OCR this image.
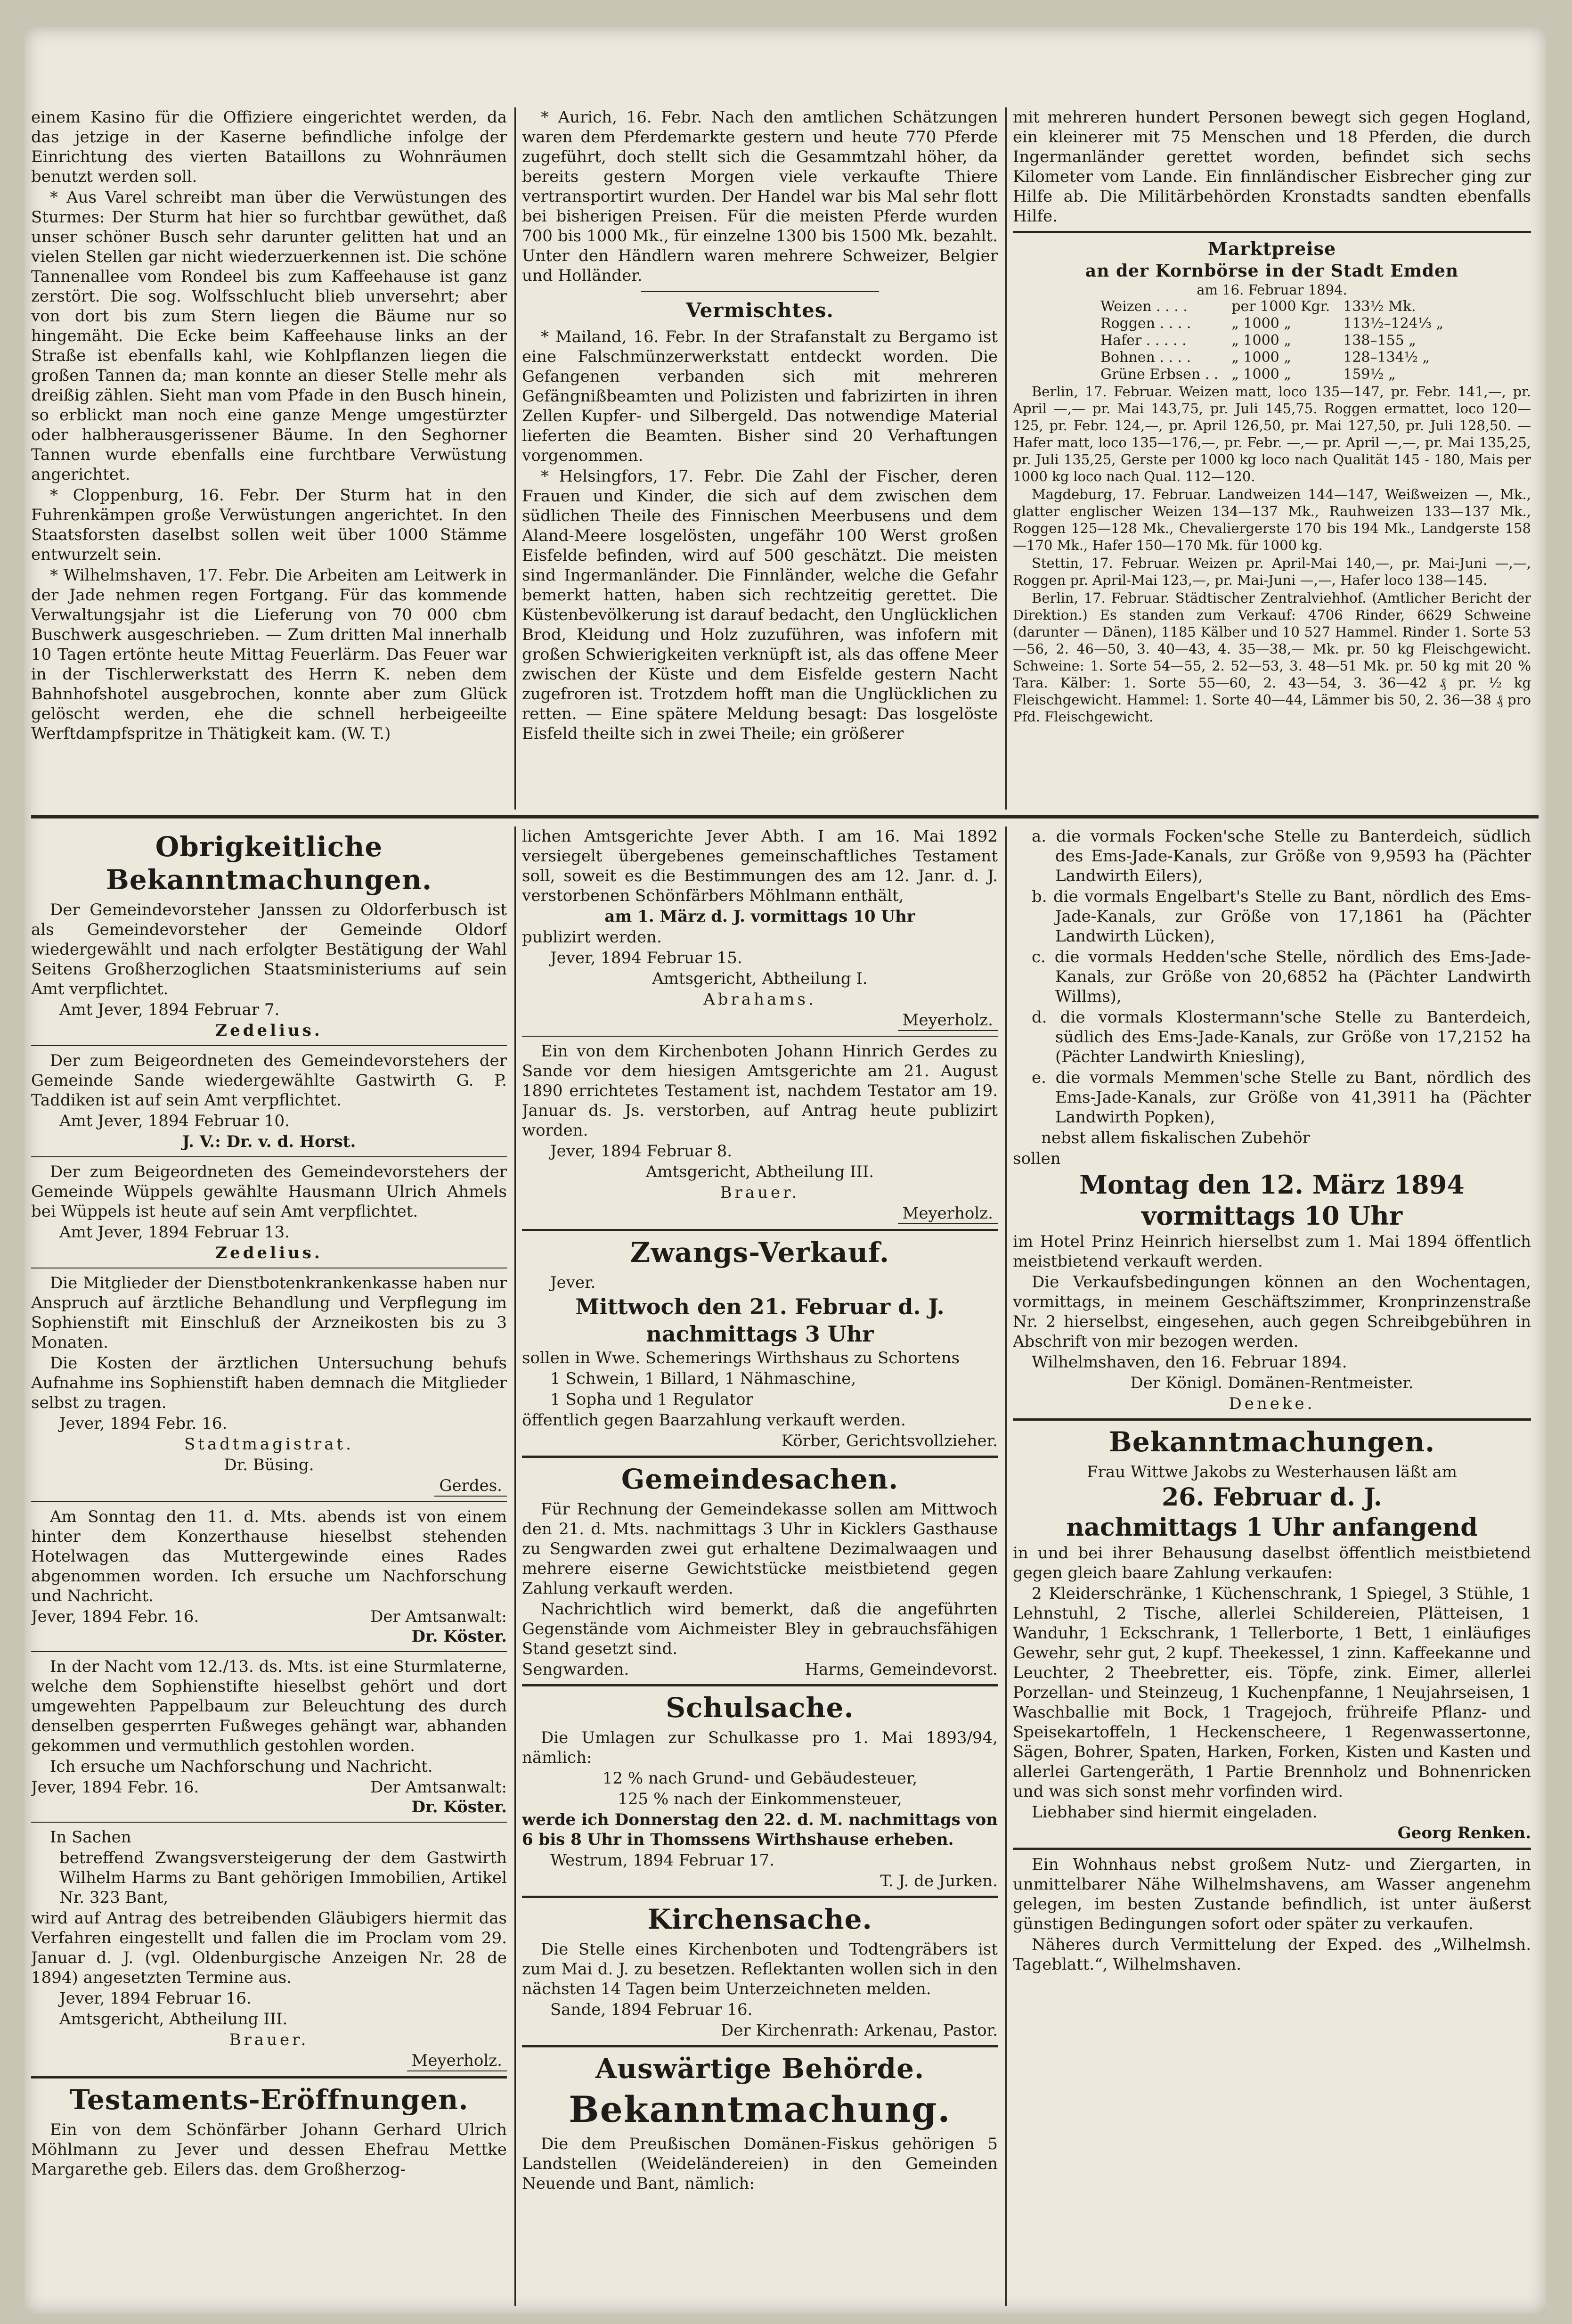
einem Kasino für die Offiziere eingerichtet werden, da das jetzige in der Kaserne befindliche infolge der Einrichtung des vierten Bataillons zu Wohnräumen benutzt werden soll.

* Aus Varel schreibt man über die Verwüstungen des Sturmes: Der Sturm hat hier so furchtbar gewüthet, daß unser schöner Busch sehr darunter gelitten hat und an vielen Stellen gar nicht wiederzuerkennen ist. Die schöne Tannenallee vom Rondeel bis zum Kaffeehause ist ganz zerstört. Die sog. Wolfsschlucht blieb unversehrt; aber von dort bis zum Stern liegen die Bäume nur so hingemäht. Die Ecke beim Kaffeehause links an der Straße ist ebenfalls kahl, wie Kohlpflanzen liegen die großen Tannen da; man konnte an dieser Stelle mehr als dreißig zählen. Sieht man vom Pfade in den Busch hinein, so erblickt man noch eine ganze Menge umgestürzter oder halbherausgerissener Bäume. In den Seghorner Tannen wurde ebenfalls eine furchtbare Verwüstung angerichtet.

* Cloppenburg, 16. Febr. Der Sturm hat in den Fuhrenkämpen große Verwüstungen angerichtet. In den Staatsforsten daselbst sollen weit über 1000 Stämme entwurzelt sein.

* Wilhelmshaven, 17. Febr. Die Arbeiten am Leitwerk in der Jade nehmen regen Fortgang. Für das kommende Verwaltungsjahr ist die Lieferung von 70 000 cbm Buschwerk ausgeschrieben. — Zum dritten Mal innerhalb 10 Tagen ertönte heute Mittag Feuerlärm. Das Feuer war in der Tischlerwerkstatt des Herrn K. neben dem Bahnhofshotel ausgebrochen, konnte aber zum Glück gelöscht werden, ehe die schnell herbeigeeilte Werftdampfspritze in Thätigkeit kam. (W. T.)

* Aurich, 16. Febr. Nach den amtlichen Schätzungen waren dem Pferdemarkte gestern und heute 770 Pferde zugeführt, doch stellt sich die Gesammtzahl höher, da bereits gestern Morgen viele verkaufte Thiere vertransportirt wurden. Der Handel war bis Mal sehr flott bei bisherigen Preisen. Für die meisten Pferde wurden 700 bis 1000 Mk., für einzelne 1300 bis 1500 Mk. bezahlt. Unter den Händlern waren mehrere Schweizer, Belgier und Holländer.

Vermischtes.

* Mailand, 16. Febr. In der Strafanstalt zu Bergamo ist eine Falschmünzerwerkstatt entdeckt worden. Die Gefangenen verbanden sich mit mehreren Gefängnißbeamten und Polizisten und fabrizirten in ihren Zellen Kupfer- und Silbergeld. Das notwendige Material lieferten die Beamten. Bisher sind 20 Verhaftungen vorgenommen.

* Helsingfors, 17. Febr. Die Zahl der Fischer, deren Frauen und Kinder, die sich auf dem zwischen dem südlichen Theile des Finnischen Meerbusens und dem Aland-Meere losgelösten, ungefähr 100 Werst großen Eisfelde befinden, wird auf 500 geschätzt. Die meisten sind Ingermanländer. Die Finnländer, welche die Gefahr bemerkt hatten, haben sich rechtzeitig gerettet. Die Küstenbevölkerung ist darauf bedacht, den Unglücklichen Brod, Kleidung und Holz zuzuführen, was infofern mit großen Schwierigkeiten verknüpft ist, als das offene Meer zwischen der Küste und dem Eisfelde gestern Nacht zugefroren ist. Trotzdem hofft man die Unglücklichen zu retten. — Eine spätere Meldung besagt: Das losgelöste Eisfeld theilte sich in zwei Theile; ein größerer

mit mehreren hundert Personen bewegt sich gegen Hogland, ein kleinerer mit 75 Menschen und 18 Pferden, die durch Ingermanländer gerettet worden, befindet sich sechs Kilometer vom Lande. Ein finnländischer Eisbrecher ging zur Hilfe ab. Die Militärbehörden Kronstadts sandten ebenfalls Hilfe.

Marktpreise
an der Kornbörse in der Stadt Emden
am 16. Februar 1894.
Weizen . . . .	per 1000 Kgr.	133½ Mk.
Roggen . . . .	„ 1000 „	113½–124⅓ „
Hafer . . . . .	„ 1000 „	138–155 „
Bohnen . . . .	„ 1000 „	128–134½ „
Grüne Erbsen . .	„ 1000 „	159½ „

Berlin, 17. Februar. Weizen matt, loco 135—147, pr. Febr. 141,—, pr. April —,— pr. Mai 143,75, pr. Juli 145,75. Roggen ermattet, loco 120—125, pr. Febr. 124,—, pr. April 126,50, pr. Mai 127,50, pr. Juli 128,50. — Hafer matt, loco 135—176,—, pr. Febr. —,— pr. April —,—, pr. Mai 135,25, pr. Juli 135,25, Gerste per 1000 kg loco nach Qualität 145 - 180, Mais per 1000 kg loco nach Qual. 112—120.

Magdeburg, 17. Februar. Landweizen 144—147, Weißweizen —, Mk., glatter englischer Weizen 134—137 Mk., Rauhweizen 133—137 Mk., Roggen 125—128 Mk., Chevaliergerste 170 bis 194 Mk., Landgerste 158—170 Mk., Hafer 150—170 Mk. für 1000 kg.

Stettin, 17. Februar. Weizen pr. April-Mai 140,—, pr. Mai-Juni —,—, Roggen pr. April-Mai 123,—, pr. Mai-Juni —,—, Hafer loco 138—145.

Berlin, 17. Februar. Städtischer Zentralviehhof. (Amtlicher Bericht der Direktion.) Es standen zum Verkauf: 4706 Rinder, 6629 Schweine (darunter — Dänen), 1185 Kälber und 10 527 Hammel. Rinder 1. Sorte 53—56, 2. 46—50, 3. 40—43, 4. 35—38,— Mk. pr. 50 kg Fleischgewicht. Schweine: 1. Sorte 54—55, 2. 52—53, 3. 48—51 Mk. pr. 50 kg mit 20 % Tara. Kälber: 1. Sorte 55—60, 2. 43—54, 3. 36—42 ₰ pr. ½ kg Fleischgewicht. Hammel: 1. Sorte 40—44, Lämmer bis 50, 2. 36—38 ₰ pro Pfd. Fleischgewicht.

Obrigkeitliche Bekanntmachungen.

Der Gemeindevorsteher Janssen zu Oldorferbusch ist als Gemeindevorsteher der Gemeinde Oldorf wiedergewählt und nach erfolgter Bestätigung der Wahl Seitens Großherzoglichen Staatsministeriums auf sein Amt verpflichtet.

Amt Jever, 1894 Februar 7.

Zedelius.

Der zum Beigeordneten des Gemeindevorstehers der Gemeinde Sande wiedergewählte Gastwirth G. P. Taddiken ist auf sein Amt verpflichtet.

Amt Jever, 1894 Februar 10.

J. V.: Dr. v. d. Horst.

Der zum Beigeordneten des Gemeindevorstehers der Gemeinde Wüppels gewählte Hausmann Ulrich Ahmels bei Wüppels ist heute auf sein Amt verpflichtet.

Amt Jever, 1894 Februar 13.

Zedelius.

Die Mitglieder der Dienstbotenkrankenkasse haben nur Anspruch auf ärztliche Behandlung und Verpflegung im Sophienstift mit Einschluß der Arzneikosten bis zu 3 Monaten.

Die Kosten der ärztlichen Untersuchung behufs Aufnahme ins Sophienstift haben demnach die Mitglieder selbst zu tragen.

Jever, 1894 Febr. 16.

Stadtmagistrat.

Dr. Büsing.

Gerdes.

Am Sonntag den 11. d. Mts. abends ist von einem hinter dem Konzerthause hieselbst stehenden Hotelwagen das Muttergewinde eines Rades abgenommen worden. Ich ersuche um Nachforschung und Nachricht.

Jever, 1894 Febr. 16.	Der Amtsanwalt:

Dr. Köster.

In der Nacht vom 12./13. ds. Mts. ist eine Sturmlaterne, welche dem Sophienstifte hieselbst gehört und dort umgewehten Pappelbaum zur Beleuchtung des durch denselben gesperrten Fußweges gehängt war, abhanden gekommen und vermuthlich gestohlen worden.

Ich ersuche um Nachforschung und Nachricht.

Jever, 1894 Febr. 16.	Der Amtsanwalt:

Dr. Köster.

In Sachen

betreffend Zwangsversteigerung der dem Gastwirth Wilhelm Harms zu Bant gehörigen Immobilien, Artikel Nr. 323 Bant,

wird auf Antrag des betreibenden Gläubigers hiermit das Verfahren eingestellt und fallen die im Proclam vom 29. Januar d. J. (vgl. Oldenburgische Anzeigen Nr. 28 de 1894) angesetzten Termine aus.

Jever, 1894 Februar 16.

Amtsgericht, Abtheilung III.

Brauer.

Meyerholz.

Testaments-Eröffnungen.

Ein von dem Schönfärber Johann Gerhard Ulrich Möhlmann zu Jever und dessen Ehefrau Mettke Margarethe geb. Eilers das. dem Großherzog-

lichen Amtsgerichte Jever Abth. I am 16. Mai 1892 versiegelt übergebenes gemeinschaftliches Testament soll, soweit es die Bestimmungen des am 12. Janr. d. J. verstorbenen Schönfärbers Möhlmann enthält,

am 1. März d. J. vormittags 10 Uhr

publizirt werden.

Jever, 1894 Februar 15.

Amtsgericht, Abtheilung I.

Abrahams.

Meyerholz.

Ein von dem Kirchenboten Johann Hinrich Gerdes zu Sande vor dem hiesigen Amtsgerichte am 21. August 1890 errichtetes Testament ist, nachdem Testator am 19. Januar ds. Js. verstorben, auf Antrag heute publizirt worden.

Jever, 1894 Februar 8.

Amtsgericht, Abtheilung III.

Brauer.

Meyerholz.

Zwangs-Verkauf.

Jever.

Mittwoch den 21. Februar d. J.

nachmittags 3 Uhr

sollen in Wwe. Schemerings Wirthshaus zu Schortens

1 Schwein, 1 Billard, 1 Nähmaschine,

1 Sopha und 1 Regulator

öffentlich gegen Baarzahlung verkauft werden.

Körber, Gerichtsvollzieher.

Gemeindesachen.

Für Rechnung der Gemeindekasse sollen am Mittwoch den 21. d. Mts. nachmittags 3 Uhr in Kicklers Gasthause zu Sengwarden zwei gut erhaltene Dezimalwaagen und mehrere eiserne Gewichtstücke meistbietend gegen Zahlung verkauft werden.

Nachrichtlich wird bemerkt, daß die angeführten Gegenstände vom Aichmeister Bley in gebrauchsfähigen Stand gesetzt sind.

Sengwarden.	Harms, Gemeindevorst.
Schulsache.

Die Umlagen zur Schulkasse pro 1. Mai 1893/94, nämlich:

12 % nach Grund- und Gebäudesteuer,

125 % nach der Einkommensteuer,

werde ich Donnerstag den 22. d. M. nachmittags von 6 bis 8 Uhr in Thomssens Wirthshause erheben.

Westrum, 1894 Februar 17.

T. J. de Jurken.

Kirchensache.

Die Stelle eines Kirchenboten und Todtengräbers ist zum Mai d. J. zu besetzen. Reflektanten wollen sich in den nächsten 14 Tagen beim Unterzeichneten melden.

Sande, 1894 Februar 16.

Der Kirchenrath: Arkenau, Pastor.

Auswärtige Behörde.
Bekanntmachung.

Die dem Preußischen Domänen-Fiskus gehörigen 5 Landstellen (Weideländereien) in den Gemeinden Neuende und Bant, nämlich:

a. die vormals Focken'sche Stelle zu Banterdeich, südlich des Ems-Jade-Kanals, zur Größe von 9,9593 ha (Pächter Landwirth Eilers),

b. die vormals Engelbart's Stelle zu Bant, nördlich des Ems-Jade-Kanals, zur Größe von 17,1861 ha (Pächter Landwirth Lücken),

c. die vormals Hedden'sche Stelle, nördlich des Ems-Jade-Kanals, zur Größe von 20,6852 ha (Pächter Landwirth Willms),

d. die vormals Klostermann'sche Stelle zu Banterdeich, südlich des Ems-Jade-Kanals, zur Größe von 17,2152 ha (Pächter Landwirth Kniesling),

e. die vormals Memmen'sche Stelle zu Bant, nördlich des Ems-Jade-Kanals, zur Größe von 41,3911 ha (Pächter Landwirth Popken),

nebst allem fiskalischen Zubehör

sollen

Montag den 12. März 1894

vormittags 10 Uhr

im Hotel Prinz Heinrich hierselbst zum 1. Mai 1894 öffentlich meistbietend verkauft werden.

Die Verkaufsbedingungen können an den Wochentagen, vormittags, in meinem Geschäftszimmer, Kronprinzenstraße Nr. 2 hierselbst, eingesehen, auch gegen Schreibgebühren in Abschrift von mir bezogen werden.

Wilhelmshaven, den 16. Februar 1894.

Der Königl. Domänen-Rentmeister.

Deneke.

Bekanntmachungen.

Frau Wittwe Jakobs zu Westerhausen läßt am

26. Februar d. J.

nachmittags 1 Uhr anfangend

in und bei ihrer Behausung daselbst öffentlich meistbietend gegen gleich baare Zahlung verkaufen:

2 Kleiderschränke, 1 Küchenschrank, 1 Spiegel, 3 Stühle, 1 Lehnstuhl, 2 Tische, allerlei Schildereien, Plätteisen, 1 Wanduhr, 1 Eckschrank, 1 Tellerborte, 1 Bett, 1 einläufiges Gewehr, sehr gut, 2 kupf. Theekessel, 1 zinn. Kaffeekanne und Leuchter, 2 Theebretter, eis. Töpfe, zink. Eimer, allerlei Porzellan- und Steinzeug, 1 Kuchenpfanne, 1 Neujahrseisen, 1 Waschballie mit Bock, 1 Tragejoch, frühreife Pflanz- und Speisekartoffeln, 1 Heckenscheere, 1 Regenwassertonne, Sägen, Bohrer, Spaten, Harken, Forken, Kisten und Kasten und allerlei Gartengeräth, 1 Partie Brennholz und Bohnenricken und was sich sonst mehr vorfinden wird.

Liebhaber sind hiermit eingeladen.

Georg Renken.

Ein Wohnhaus nebst großem Nutz- und Ziergarten, in unmittelbarer Nähe Wilhelmshavens, am Wasser angenehm gelegen, im besten Zustande befindlich, ist unter äußerst günstigen Bedingungen sofort oder später zu verkaufen.

Näheres durch Vermittelung der Exped. des „Wilhelmsh. Tageblatt.“, Wilhelmshaven.
